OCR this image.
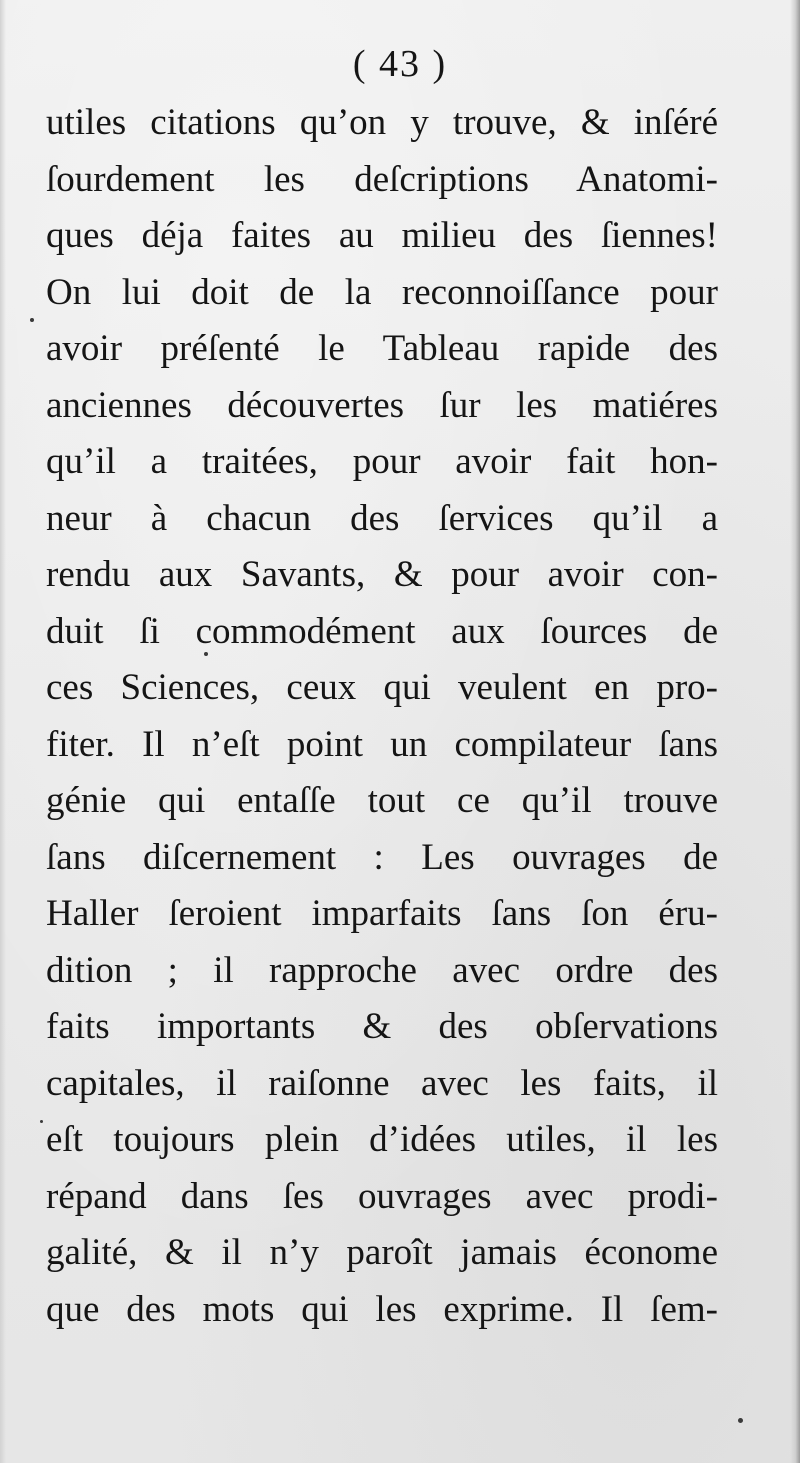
( 43 )
utiles citations qu’on y trouve, & inſéré
ſourdement les deſcriptions Anatomi-
ques déja faites au milieu des ſiennes!
On lui doit de la reconnoiſſance pour
avoir préſenté le Tableau rapide des
anciennes découvertes ſur les matiéres
qu’il a traitées, pour avoir fait hon-
neur à chacun des ſervices qu’il a
rendu aux Savants, & pour avoir con-
duit ſi commodément aux ſources de
ces Sciences, ceux qui veulent en pro-
fiter. Il n’eſt point un compilateur ſans
génie qui entaſſe tout ce qu’il trouve
ſans diſcernement : Les ouvrages de
Haller ſeroient imparfaits ſans ſon éru-
dition ; il rapproche avec ordre des
faits importants & des obſervations
capitales, il raiſonne avec les faits, il
eſt toujours plein d’idées utiles, il les
répand dans ſes ouvrages avec prodi-
galité, & il n’y paroît jamais économe
que des mots qui les exprime. Il ſem-
